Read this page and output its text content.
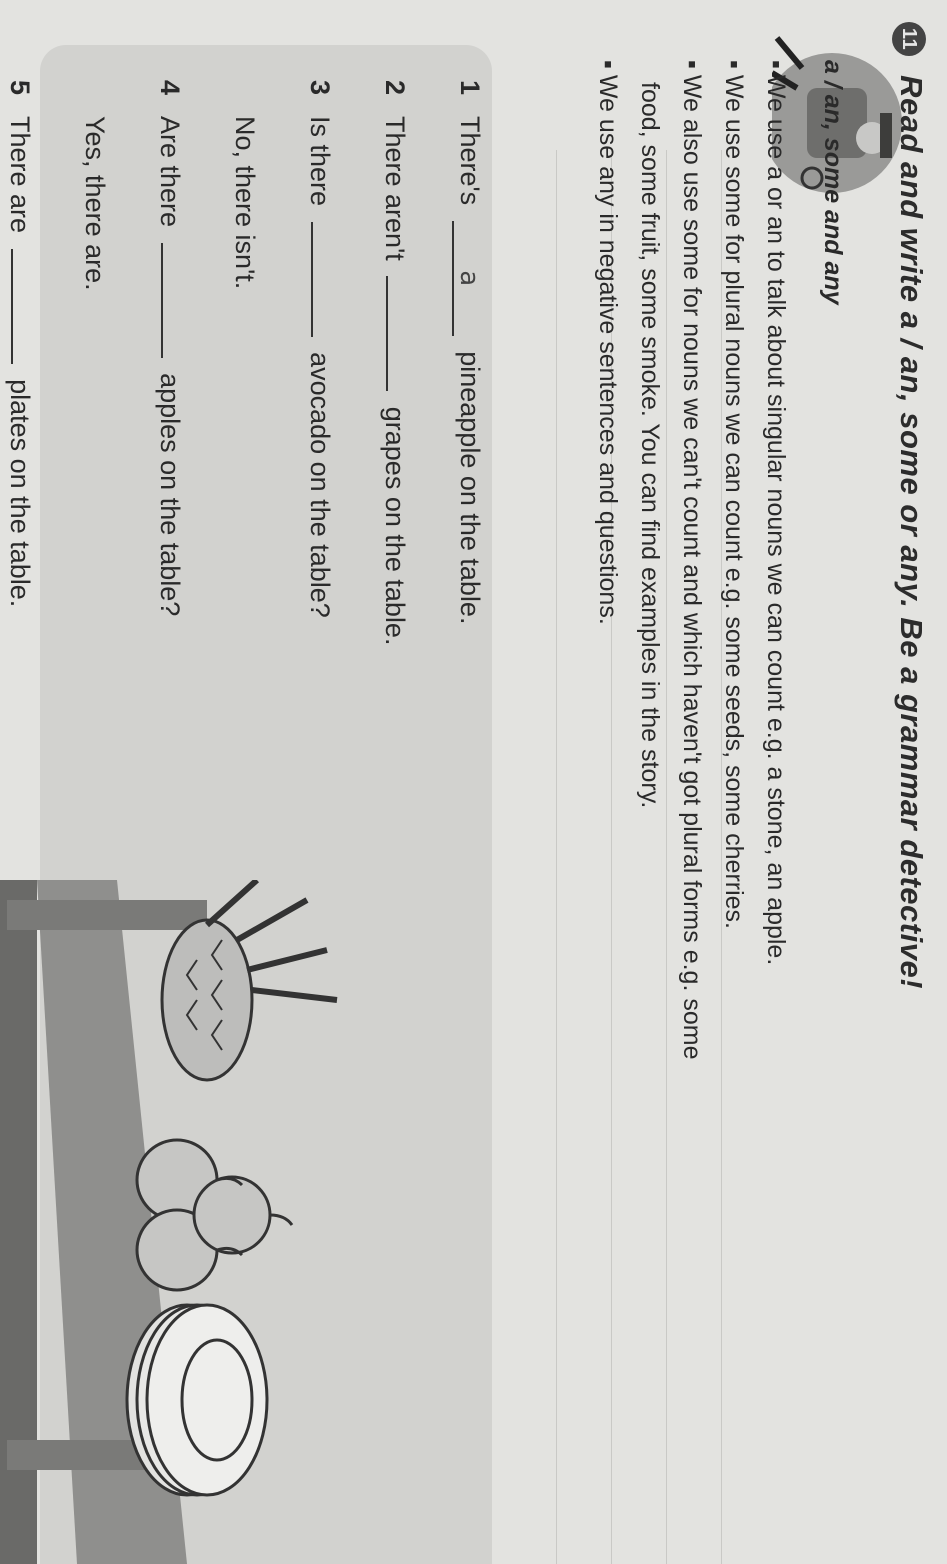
11 Read and write a / an, some or any. Be a grammar detective!
a / an, some and any
▪We use a or an to talk about singular nouns we can count e.g. a stone, an apple.
▪We use some for plural nouns we can count e.g. some seeds, some cherries.
▪We also use some for nouns we can't count and which haven't got plural forms e.g. some
food, some fruit, some smoke. You can find examples in the story.
▪We use any in negative sentences and questions.
1There's a pineapple on the table.
2There aren't  grapes on the table.
3Is there  avocado on the table?
No, there isn't.
4Are there  apples on the table?
Yes, there are.
5There are  plates on the table.
